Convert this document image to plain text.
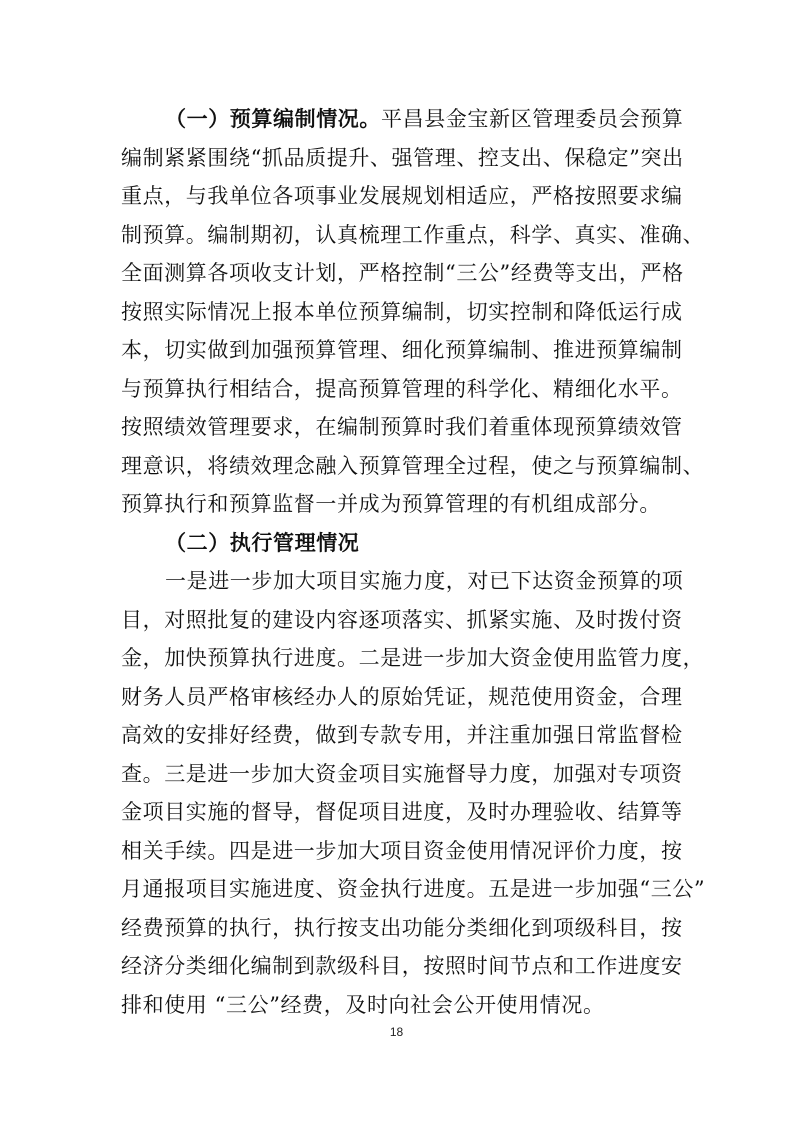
（一）预算编制情况。平昌县金宝新区管理委员会预算
编制紧紧围绕“抓品质提升、强管理、控支出、保稳定”突出
重点，与我单位各项事业发展规划相适应，严格按照要求编
制预算。编制期初，认真梳理工作重点，科学、真实、准确、
全面测算各项收支计划，严格控制“三公”经费等支出，严格
按照实际情况上报本单位预算编制，切实控制和降低运行成
本，切实做到加强预算管理、细化预算编制、推进预算编制
与预算执行相结合，提高预算管理的科学化、精细化水平。
按照绩效管理要求，在编制预算时我们着重体现预算绩效管
理意识，将绩效理念融入预算管理全过程，使之与预算编制、
预算执行和预算监督一并成为预算管理的有机组成部分。
（二）执行管理情况
一是进一步加大项目实施力度，对已下达资金预算的项
目，对照批复的建设内容逐项落实、抓紧实施、及时拨付资
金，加快预算执行进度。二是进一步加大资金使用监管力度，
财务人员严格审核经办人的原始凭证，规范使用资金，合理
高效的安排好经费，做到专款专用，并注重加强日常监督检
查。三是进一步加大资金项目实施督导力度，加强对专项资
金项目实施的督导，督促项目进度，及时办理验收、结算等
相关手续。四是进一步加大项目资金使用情况评价力度，按
月通报项目实施进度、资金执行进度。五是进一步加强“三公”
经费预算的执行，执行按支出功能分类细化到项级科目，按
经济分类细化编制到款级科目，按照时间节点和工作进度安
排和使用 “三公”经费，及时向社会公开使用情况。
18
